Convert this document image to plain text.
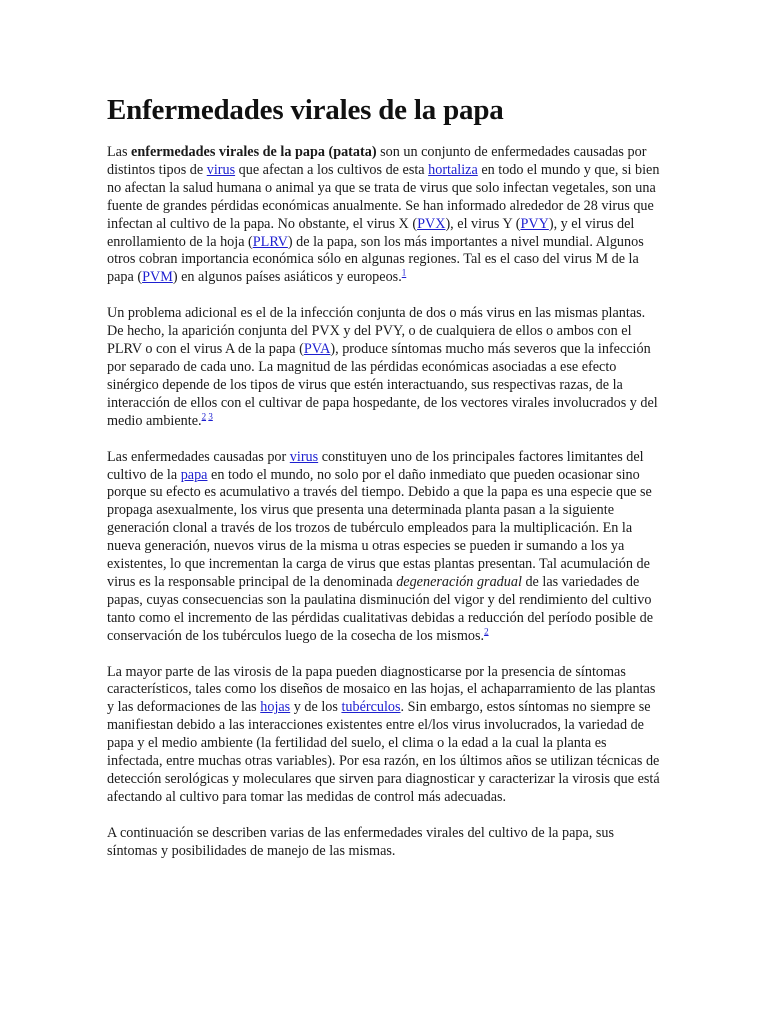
Enfermedades virales de la papa

Las enfermedades virales de la papa (patata) son un conjunto de enfermedades causadas por distintos tipos de virus que afectan a los cultivos de esta hortaliza en todo el mundo y que, si bien no afectan la salud humana o animal ya que se trata de virus que solo infectan vegetales, son una fuente de grandes pérdidas económicas anualmente. Se han informado alrededor de 28 virus que infectan al cultivo de la papa. No obstante, el virus X (PVX), el virus Y (PVY), y el virus del enrollamiento de la hoja (PLRV) de la papa, son los más importantes a nivel mundial. Algunos otros cobran importancia económica sólo en algunas regiones. Tal es el caso del virus M de la papa (PVM) en algunos países asiáticos y europeos.$^1$

Un problema adicional es el de la infección conjunta de dos o más virus en las mismas plantas. De hecho, la aparición conjunta del PVX y del PVY, o de cualquiera de ellos o ambos con el PLRV o con el virus A de la papa (PVA), produce síntomas mucho más severos que la infección por separado de cada uno. La magnitud de las pérdidas económicas asociadas a ese efecto sinérgico depende de los tipos de virus que estén interactuando, sus respectivas razas, de la interacción de ellos con el cultivar de papa hospedante, de los vectores virales involucrados y del medio ambiente.$^{2 3}$

Las enfermedades causadas por virus constituyen uno de los principales factores limitantes del cultivo de la papa en todo el mundo, no solo por el daño inmediato que pueden ocasionar sino porque su efecto es acumulativo a través del tiempo. Debido a que la papa es una especie que se propaga asexualmente, los virus que presenta una determinada planta pasan a la siguiente generación clonal a través de los trozos de tubérculo empleados para la multiplicación. En la nueva generación, nuevos virus de la misma u otras especies se pueden ir sumando a los ya existentes, lo que incrementan la carga de virus que estas plantas presentan. Tal acumulación de virus es la responsable principal de la denominada degeneración gradual de las variedades de papas, cuyas consecuencias son la paulatina disminución del vigor y del rendimiento del cultivo tanto como el incremento de las pérdidas cualitativas debidas a reducción del período posible de conservación de los tubérculos luego de la cosecha de los mismos.$^2$

La mayor parte de las virosis de la papa pueden diagnosticarse por la presencia de síntomas característicos, tales como los diseños de mosaico en las hojas, el achaparramiento de las plantas y las deformaciones de las hojas y de los tubérculos. Sin embargo, estos síntomas no siempre se manifiestan debido a las interacciones existentes entre el/los virus involucrados, la variedad de papa y el medio ambiente (la fertilidad del suelo, el clima o la edad a la cual la planta es infectada, entre muchas otras variables). Por esa razón, en los últimos años se utilizan técnicas de detección serológicas y moleculares que sirven para diagnosticar y caracterizar la virosis que está afectando al cultivo para tomar las medidas de control más adecuadas.

A continuación se describen varias de las enfermedades virales del cultivo de la papa, sus síntomas y posibilidades de manejo de las mismas.
